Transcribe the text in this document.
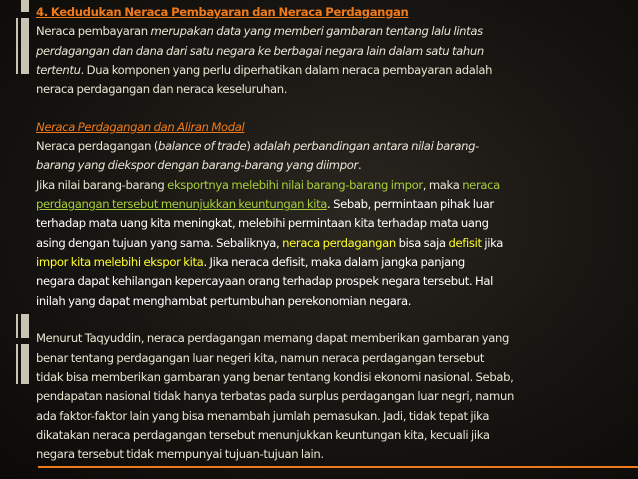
4. Kedudukan Neraca Pembayaran dan Neraca Perdagangan
Neraca pembayaran merupakan data yang memberi gambaran tentang lalu lintas
perdagangan dan dana dari satu negara ke berbagai negara lain dalam satu tahun
tertentu. Dua komponen yang perlu diperhatikan dalam neraca pembayaran adalah
neraca perdagangan dan neraca keseluruhan.
Neraca Perdagangan dan Aliran Modal
Neraca perdagangan (balance of trade) adalah perbandingan antara nilai barang-
barang yang diekspor dengan barang-barang yang diimpor.
Jika nilai barang-barang eksportnya melebihi nilai barang-barang impor, maka neraca
perdagangan tersebut menunjukkan keuntungan kita. Sebab, permintaan pihak luar
terhadap mata uang kita meningkat, melebihi permintaan kita terhadap mata uang
asing dengan tujuan yang sama. Sebaliknya, neraca perdagangan bisa saja defisit jika
impor kita melebihi ekspor kita. Jika neraca defisit, maka dalam jangka panjang
negara dapat kehilangan kepercayaan orang terhadap prospek negara tersebut. Hal
inilah yang dapat menghambat pertumbuhan perekonomian negara.
Menurut Taqyuddin, neraca perdagangan memang dapat memberikan gambaran yang
benar tentang perdagangan luar negeri kita, namun neraca perdagangan tersebut
tidak bisa memberikan gambaran yang benar tentang kondisi ekonomi nasional. Sebab,
pendapatan nasional tidak hanya terbatas pada surplus perdagangan luar negri, namun
ada faktor-faktor lain yang bisa menambah jumlah pemasukan. Jadi, tidak tepat jika
dikatakan neraca perdagangan tersebut menunjukkan keuntungan kita, kecuali jika
negara tersebut tidak mempunyai tujuan-tujuan lain.
